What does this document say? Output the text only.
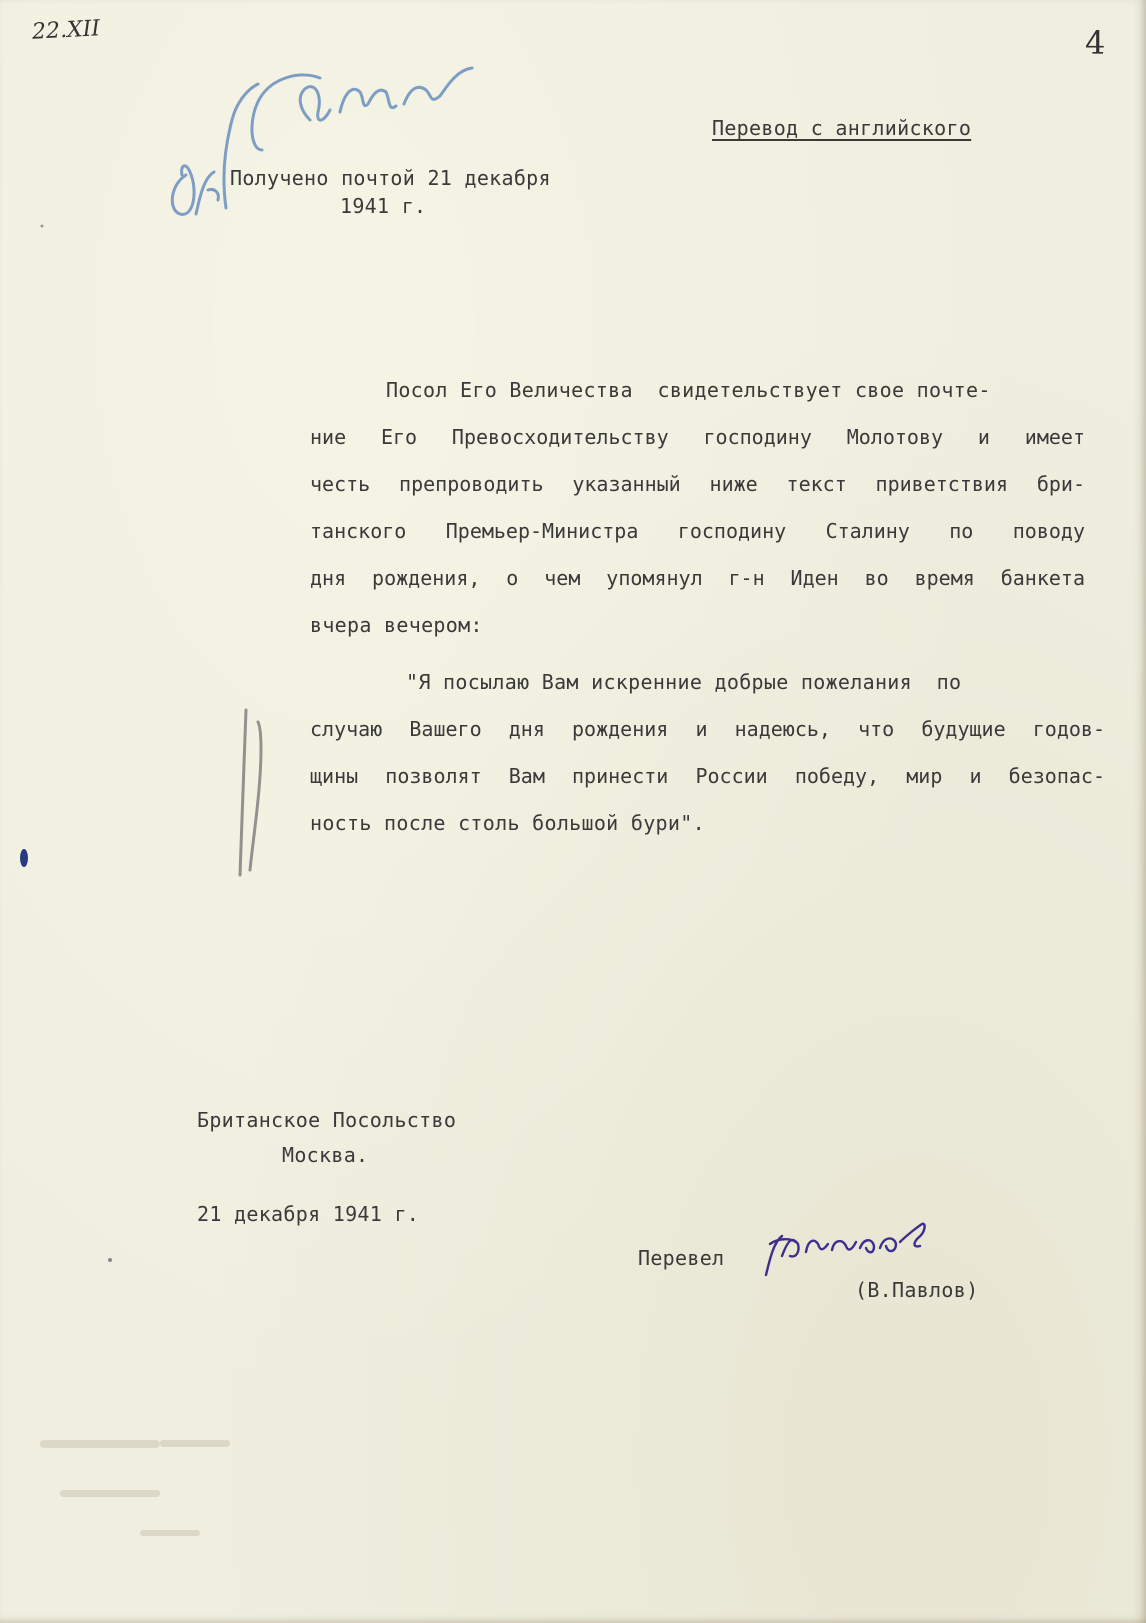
22.XII	4
Перевод с английского
Получено почтой 21 декабря
1941 г.
Посол Его Величества  свидетельствует свое почте-
ние Его Превосходительству господину Молотову и имеет
честь препроводить указанный ниже текст приветствия бри-
танского Премьер-Министра господину Сталину по поводу
дня рождения, о чем упомянул г-н Иден во время банкета
вчера вечером:
"Я посылаю Вам искренние добрые пожелания  по
случаю Вашего дня рождения и надеюсь, что будущие годов-
щины позволят Вам принести России победу, мир и безопас-
ность после столь большой бури".
Британское Посольство
Москва.
21 декабря 1941 г.
Перевел
(В.Павлов)
